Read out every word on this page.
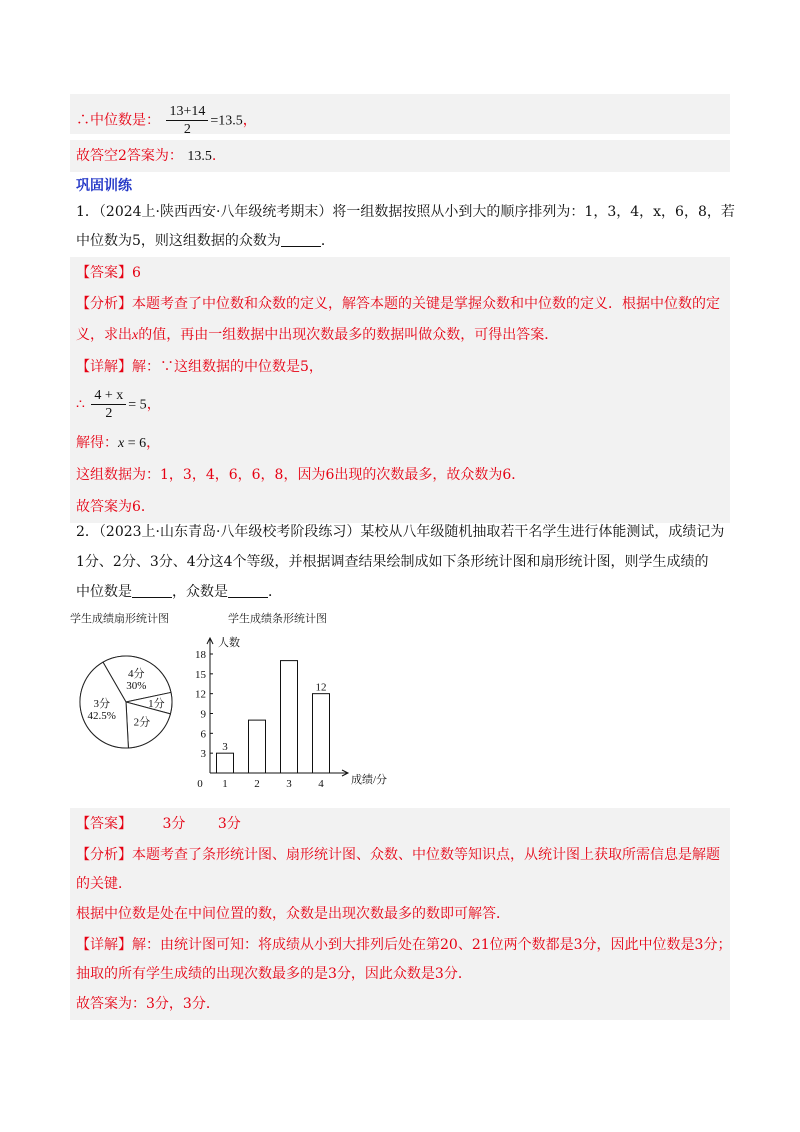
∴中位数是： $\frac{13+14}{2} =13.5$，
故答空2答案为： 13.5.
巩固训练
1．（2024上·陕西西安·八年级统考期末）将一组数据按照从小到大的顺序排列为：1，3，4，x，6，8，若
中位数为5，则这组数据的众数为	．
【答案】6
【分析】本题考查了中位数和众数的定义，解答本题的关键是掌握众数和中位数的定义．根据中位数的定
义，求出x的值，再由一组数据中出现次数最多的数据叫做众数，可得出答案．
【详解】解：∵这组数据的中位数是5，
∴ $\frac{4 + x}{2} = 5$，
解得：x = 6，
这组数据为：1，3，4，6，6，8，因为6出现的次数最多，故众数为6．
故答案为6．
2．（2023上·山东青岛·八年级校考阶段练习）某校从八年级随机抽取若干名学生进行体能测试，成绩记为
1分、2分、3分、4分这4个等级，并根据调查结果绘制成如下条形统计图和扇形统计图，则学生成绩的
中位数是	，众数是	．
学生成绩扇形统计图	学生成绩条形统计图
4分
30%
1分
2分
3分
42.5%
3
6
9
12
15
18
0
人数
成绩/分
1
3
2 3 4
12
【答案】 3分 3分
【分析】本题考查了条形统计图、扇形统计图、众数、中位数等知识点，从统计图上获取所需信息是解题
的关键．
根据中位数是处在中间位置的数，众数是出现次数最多的数即可解答．
【详解】解：由统计图可知：将成绩从小到大排列后处在第20、21位两个数都是3分，因此中位数是3分；
抽取的所有学生成绩的出现次数最多的是3分，因此众数是3分．
故答案为：3分，3分．
